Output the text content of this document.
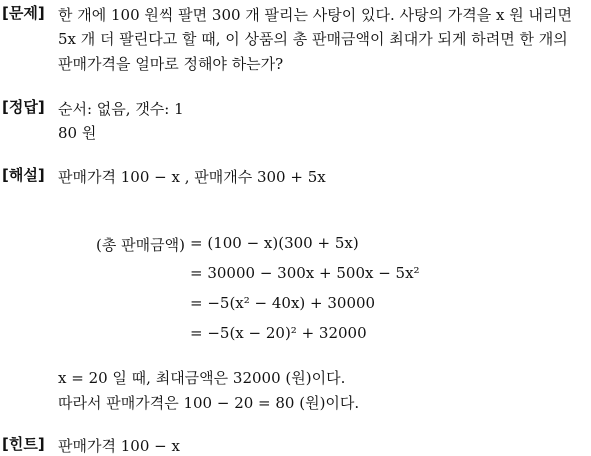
[문제] 한 개에 100 원씩 팔면 300 개 팔리는 사탕이 있다. 사탕의 가격을 x 원 내리면
5x 개 더 팔린다고 할 때, 이 상품의 총 판매금액이 최대가 되게 하려면 한 개의
판매가격을 얼마로 정해야 하는가?
[정답] 순서: 없음, 갯수: 1
80 원
[해설] 판매가격 100 − x , 판매개수 300 + 5x
(총 판매금액) = (100 − x)(300 + 5x)
= 30000 − 300x + 500x − 5x²
= −5(x² − 40x) + 30000
= −5(x − 20)² + 32000
x = 20 일 때, 최대금액은 32000 (원)이다.
따라서 판매가격은 100 − 20 = 80 (원)이다.
[힌트] 판매가격 100 − x
